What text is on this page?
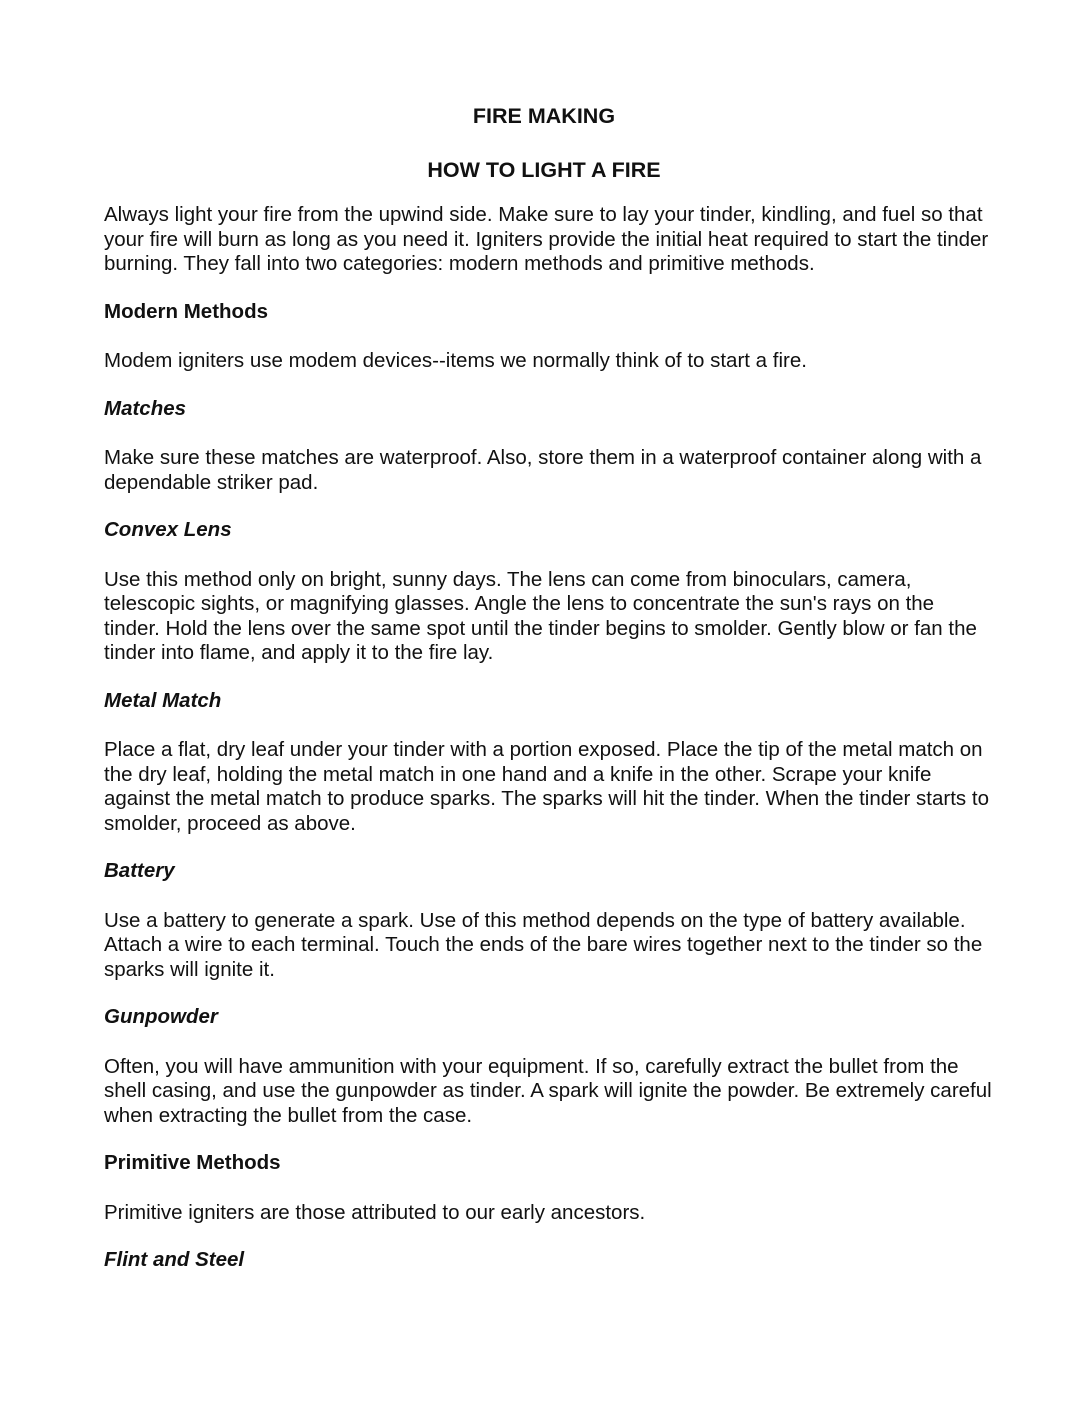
FIRE MAKING
HOW TO LIGHT A FIRE

Always light your fire from the upwind side. Make sure to lay your tinder, kindling, and fuel so that your fire will burn as long as you need it. Igniters provide the initial heat required to start the tinder burning. They fall into two categories: modern methods and primitive methods.

Modern Methods

Modem igniters use modem devices--items we normally think of to start a fire.

Matches

Make sure these matches are waterproof. Also, store them in a waterproof container along with a dependable striker pad.

Convex Lens

Use this method only on bright, sunny days. The lens can come from binoculars, camera, telescopic sights, or magnifying glasses. Angle the lens to concentrate the sun's rays on the tinder. Hold the lens over the same spot until the tinder begins to smolder. Gently blow or fan the tinder into flame, and apply it to the fire lay.

Metal Match

Place a flat, dry leaf under your tinder with a portion exposed. Place the tip of the metal match on the dry leaf, holding the metal match in one hand and a knife in the other. Scrape your knife against the metal match to produce sparks. The sparks will hit the tinder. When the tinder starts to smolder, proceed as above.

Battery

Use a battery to generate a spark. Use of this method depends on the type of battery available. Attach a wire to each terminal. Touch the ends of the bare wires together next to the tinder so the sparks will ignite it.

Gunpowder

Often, you will have ammunition with your equipment. If so, carefully extract the bullet from the shell casing, and use the gunpowder as tinder. A spark will ignite the powder. Be extremely careful when extracting the bullet from the case.

Primitive Methods

Primitive igniters are those attributed to our early ancestors.

Flint and Steel
